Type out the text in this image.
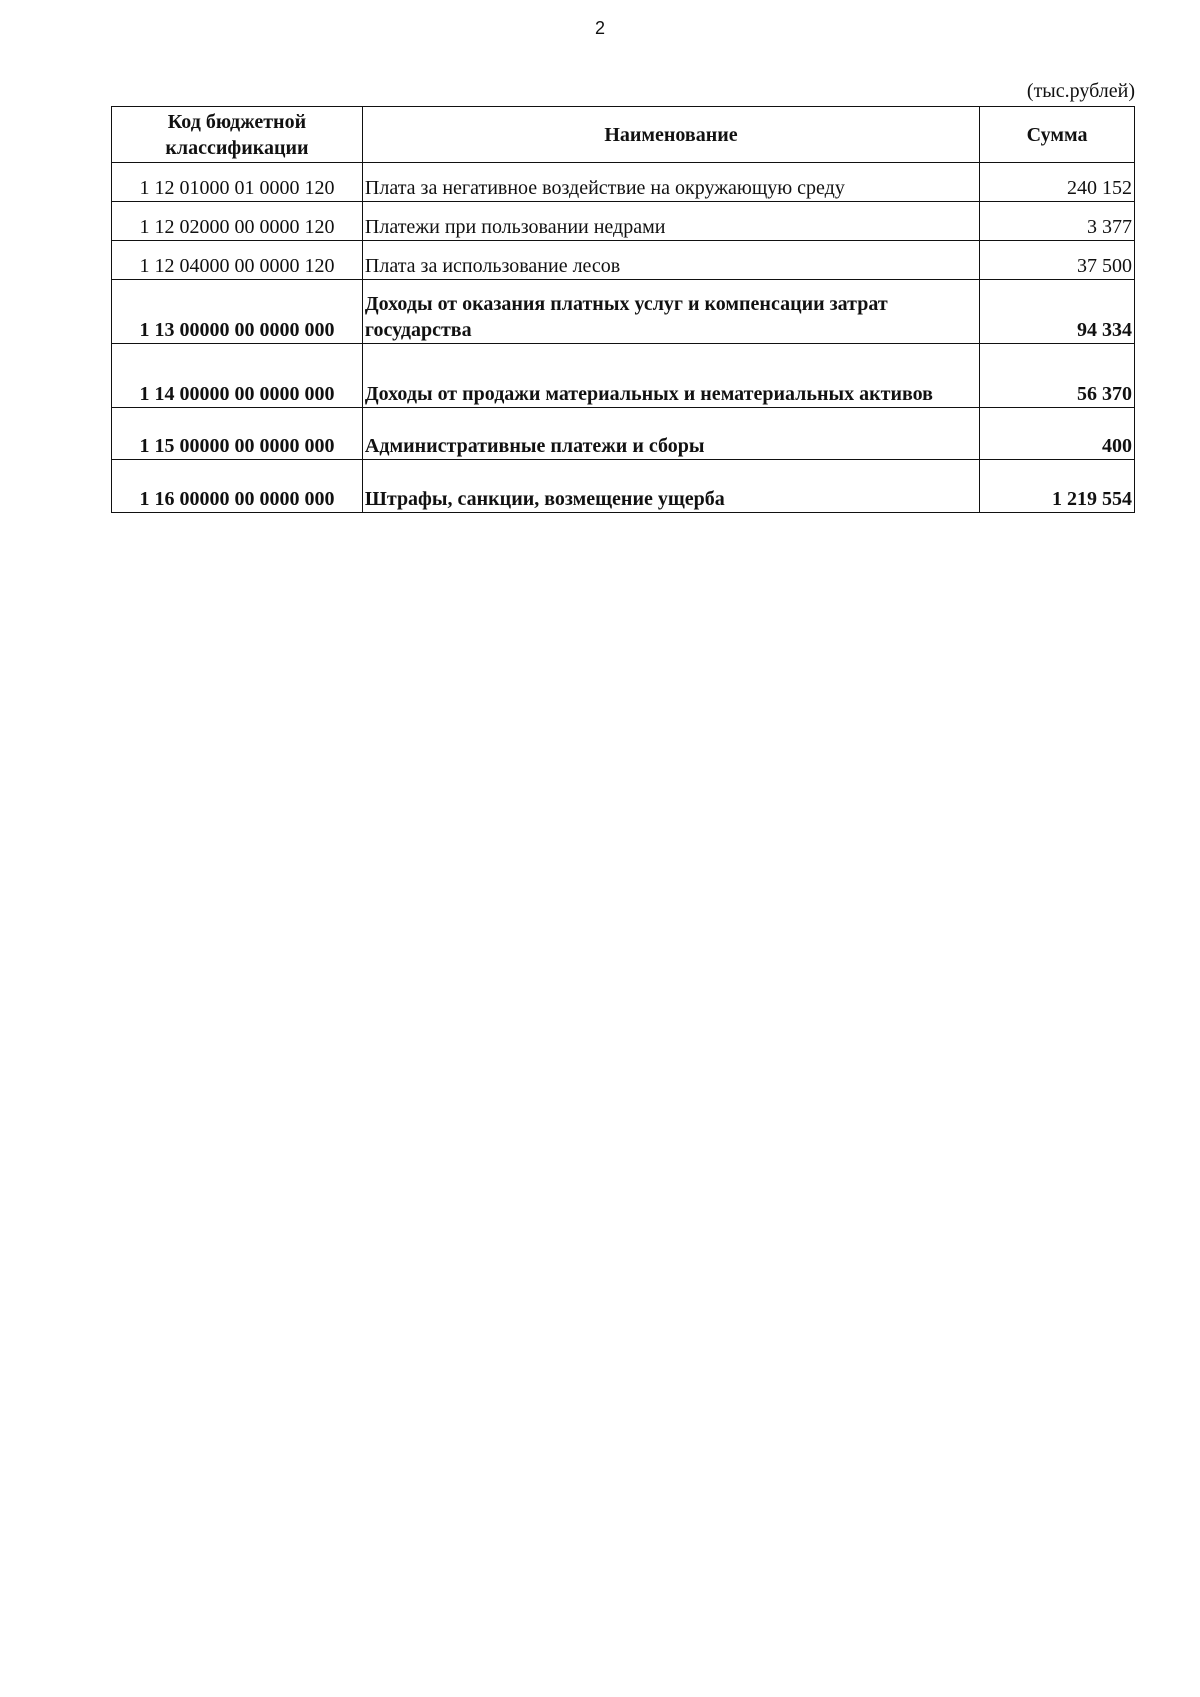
2
(тыс.рублей)
Код бюджетной классификации	Наименование	Сумма
1 12 01000 01 0000 120	Плата за негативное воздействие на окружающую среду	240 152
1 12 02000 00 0000 120	Платежи при пользовании недрами	3 377
1 12 04000 00 0000 120	Плата за использование лесов	37 500
1 13 00000 00 0000 000	Доходы от оказания платных услуг и компенсации затрат государства	94 334
1 14 00000 00 0000 000	Доходы от продажи материальных и нематериальных активов	56 370
1 15 00000 00 0000 000	Административные платежи и сборы	400
1 16 00000 00 0000 000	Штрафы, санкции, возмещение ущерба	1 219 554
